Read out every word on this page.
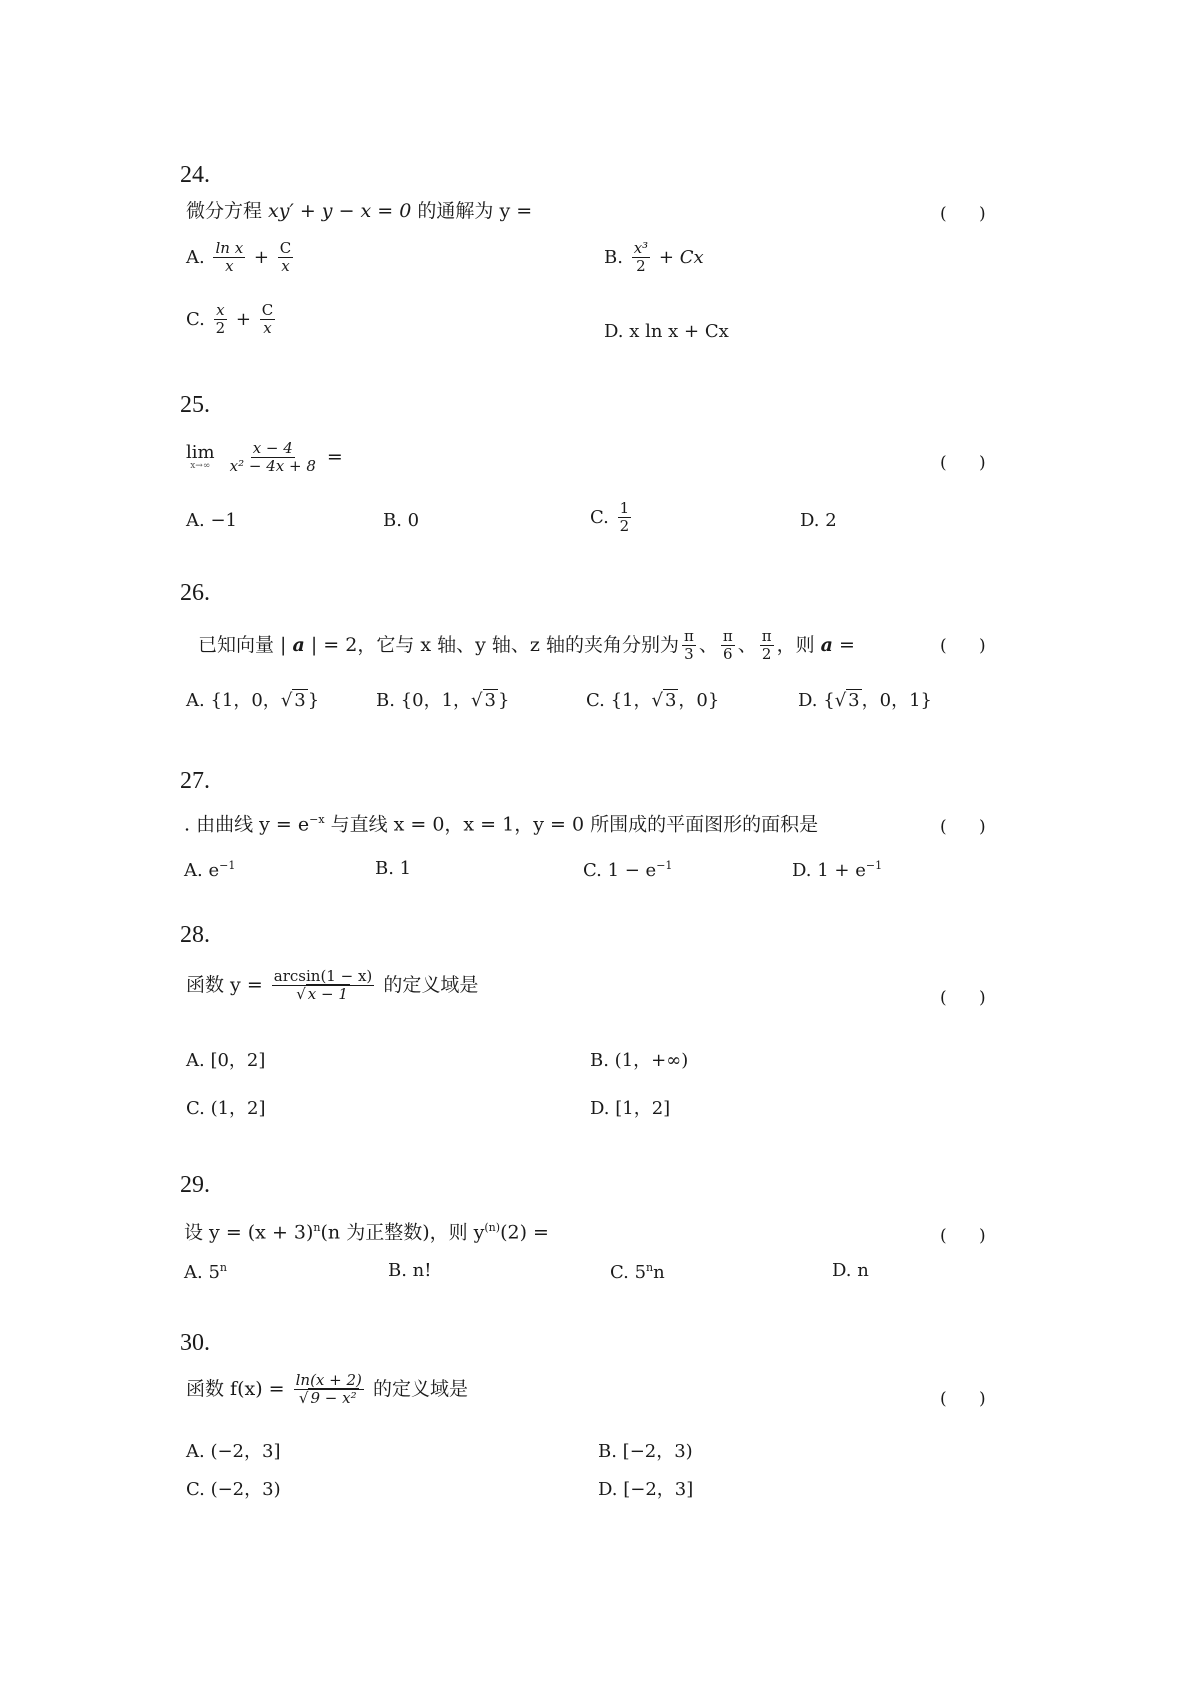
24.
微分方程 xy′ + y − x = 0 的通解为 y =	(      )
A. $\frac{\text{ln x}}{x} + \frac{C}{x}$	B. $\frac{\text{x³}}{2} + Cx$
C. $\frac{x}{2} + \frac{C}{x}$	D. x ln x + Cx
25.
lim
x→∞
$\frac{x - 4}{\text{x² − 4x + 8}}$ =	(      )
A. −1	B. 0	C. $\frac{1}{2}$	D. 2
26.
已知向量 | a | = 2，它与 x 轴、y 轴、z 轴的夹角分别为 $\frac{\pi}{3}$ 、 $\frac{\pi}{6}$ 、 $\frac{\pi}{2}$ ，则 a =	(      )
A. {1，0，√ 3 }	B. {0，1，√ 3 }	C. {1，√ 3 ，0}	D. {√ 3 ，0，1}
27.
. 由曲线 $y = e^{-x}$ 与直线 x = 0，x = 1，y = 0 所围成的平面图形的面积是	(      )
A. $e^{-1}$	B. 1	C. $1 - e^{-1}$	D. $1 + e^{-1}$
28.
函数 $y = \frac{\arcsin(1 - x)}{√ x - 1}$ 的定义域是
(      )
A. [0，2]	B. (1，+∞)
C. (1，2]	D. [1，2]
29.
设 $y = (x + 3)^n(n$ 为正整数)，则 $y^{(n)}(2)$ =	(      )
A. 5$^n$	B. n!	C. 5$^n$n	D. n
30.
函数 $f(x) = \frac{\ln(x + 2)}{\text{√ 9 − x²}}$ 的定义域是	(      )
A. (−2，3]	B. [−2，3)
C. (−2，3)	D. [−2，3]
